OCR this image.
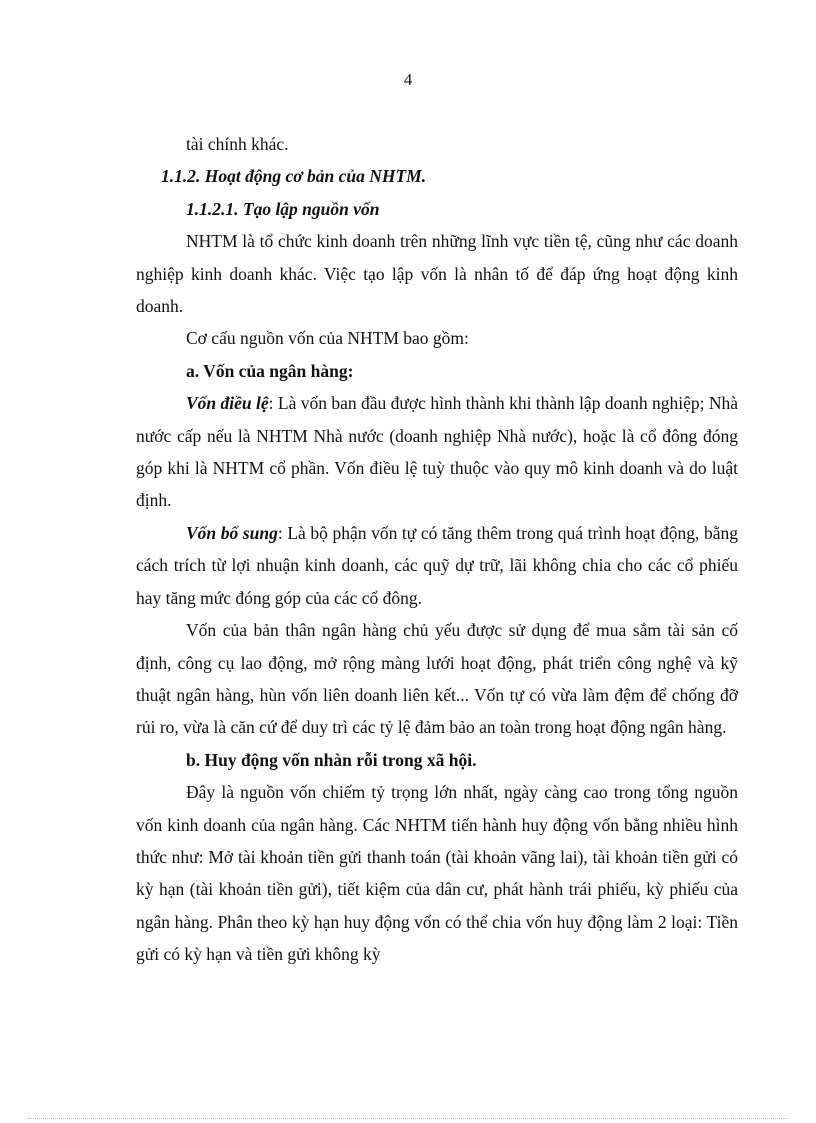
4

tài chính khác.

1.1.2. Hoạt động cơ bản của NHTM.

1.1.2.1. Tạo lập nguồn vốn

NHTM là tổ chức kinh doanh trên những lĩnh vực tiền tệ, cũng như các doanh nghiệp kinh doanh khác. Việc tạo lập vốn là nhân tố để đáp ứng hoạt động kinh doanh.

Cơ cấu nguồn vốn của NHTM bao gồm:

a. Vốn của ngân hàng:

Vốn điều lệ: Là vốn ban đầu được hình thành khi thành lập doanh nghiệp; Nhà nước cấp nếu là NHTM Nhà nước (doanh nghiệp Nhà nước), hoặc là cổ đông đóng góp khi là NHTM cổ phần. Vốn điều lệ tuỳ thuộc vào quy mô kinh doanh và do luật định.

Vốn bổ sung: Là bộ phận vốn tự có tăng thêm trong quá trình hoạt động, bằng cách trích từ lợi nhuận kinh doanh, các quỹ dự trữ, lãi không chia cho các cổ phiếu hay tăng mức đóng góp của các cổ đông.

Vốn của bản thân ngân hàng chủ yếu được sử dụng để mua sắm tài sản cố định, công cụ lao động, mở rộng màng lưới hoạt động, phát triển công nghệ và kỹ thuật ngân hàng, hùn vốn liên doanh liên kết... Vốn tự có vừa làm đệm để chống đỡ rủi ro, vừa là căn cứ để duy trì các tỷ lệ đảm bảo an toàn trong hoạt động ngân hàng.

b. Huy động vốn nhàn rỗi trong xã hội.

Đây là nguồn vốn chiếm tỷ trọng lớn nhất, ngày càng cao trong tổng nguồn vốn kinh doanh của ngân hàng. Các NHTM tiến hành huy động vốn bằng nhiều hình thức như: Mở tài khoản tiền gửi thanh toán (tài khoản vãng lai), tài khoản tiền gửi có kỳ hạn (tài khoản tiền gửi), tiết kiệm của dân cư, phát hành trái phiếu, kỳ phiếu của ngân hàng. Phân theo kỳ hạn huy động vốn có thể chia vốn huy động làm 2 loại: Tiền gửi có kỳ hạn và tiền gửi không kỳ
